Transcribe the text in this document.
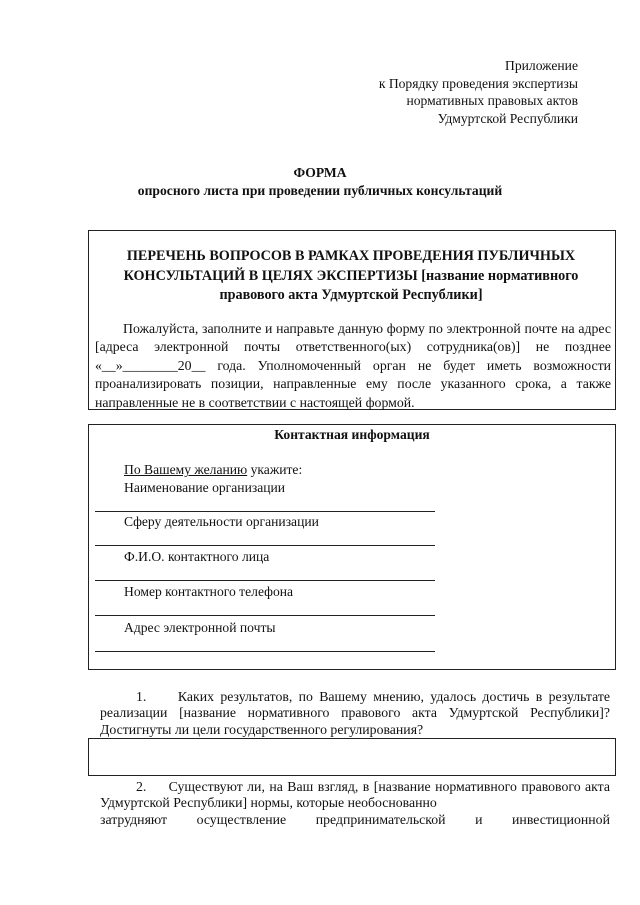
Приложение
к Порядку проведения экспертизы
нормативных правовых актов
Удмуртской Республики
ФОРМА
опросного листа при проведении публичных консультаций
ПЕРЕЧЕНЬ ВОПРОСОВ В РАМКАХ ПРОВЕДЕНИЯ ПУБЛИЧНЫХ
КОНСУЛЬТАЦИЙ В ЦЕЛЯХ ЭКСПЕРТИЗЫ [название нормативного
правового акта Удмуртской Республики]

Пожалуйста, заполните и направьте данную форму по электронной почте на адрес [адреса электронной почты ответственного(ых) сотрудника(ов)] не позднее «__»________20__ года. Уполномоченный орган не будет иметь возможности проанализировать позиции, направленные ему после указанного срока, а также направленные не в соответствии с настоящей формой.

Контактная информация
По Вашему желанию укажите:
Наименование организации
Сферу деятельности организации
Ф.И.О. контактного лица
Номер контактного телефона
Адрес электронной почты

1. Каких результатов, по Вашему мнению, удалось достичь в результате реализации [название нормативного правового акта Удмуртской Республики]? Достигнуты ли цели государственного регулирования?

2. Существуют ли, на Ваш взгляд, в [название нормативного правового акта Удмуртской Республики] нормы, которые необоснованно

затрудняют осуществление предпринимательской и инвестиционной
